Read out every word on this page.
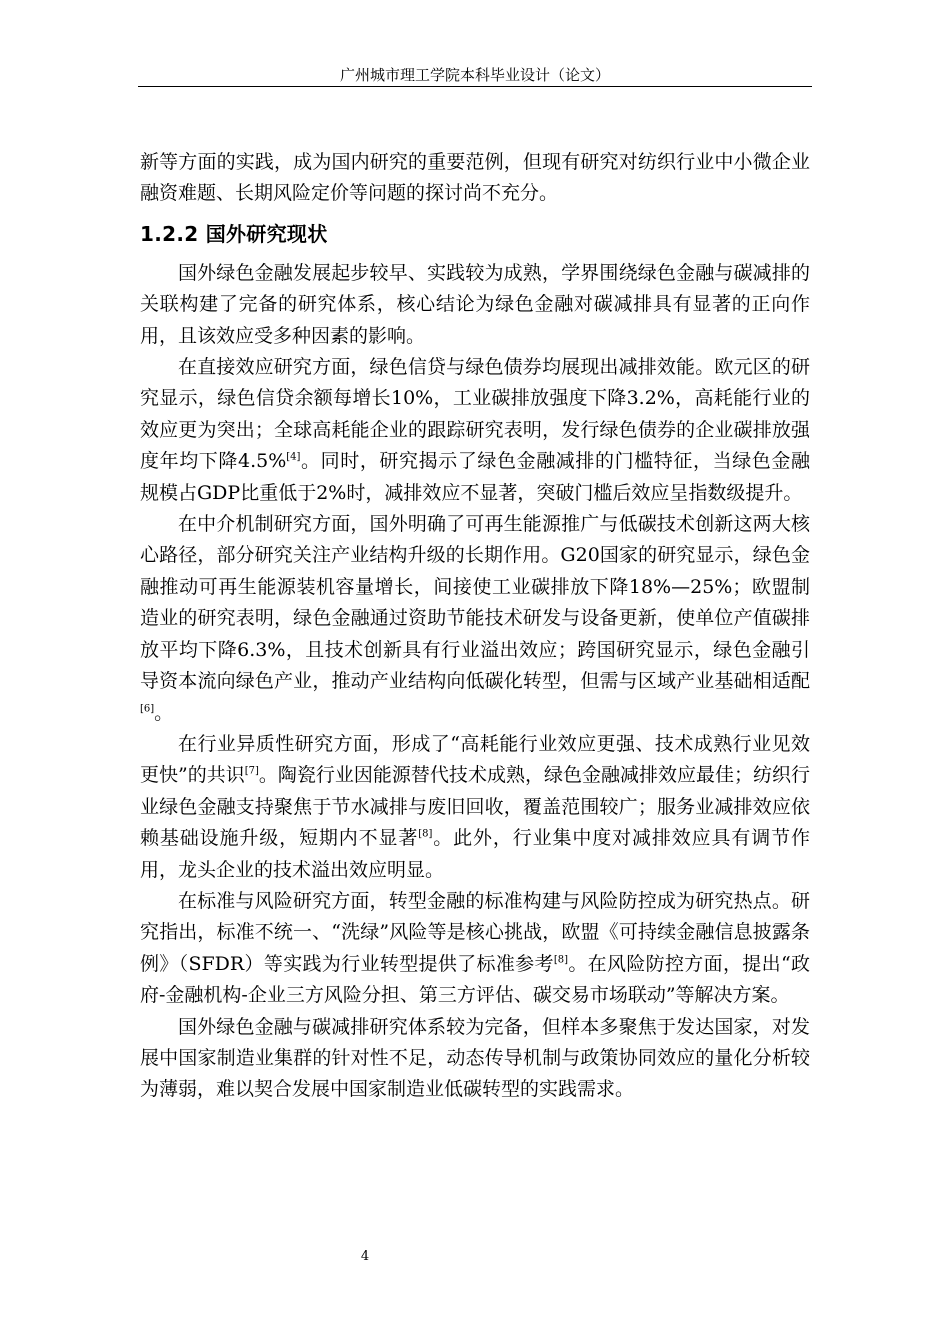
广州城市理工学院本科毕业设计（论文）

新等方面的实践，成为国内研究的重要范例，但现有研究对纺织行业中小微企业融资难题、长期风险定价等问题的探讨尚不充分。

1.2.2 国外研究现状

国外绿色金融发展起步较早、实践较为成熟，学界围绕绿色金融与碳减排的关联构建了完备的研究体系，核心结论为绿色金融对碳减排具有显著的正向作用，且该效应受多种因素的影响。

在直接效应研究方面，绿色信贷与绿色债券均展现出减排效能。欧元区的研究显示，绿色信贷余额每增长10%，工业碳排放强度下降3.2%，高耗能行业的效应更为突出；全球高耗能企业的跟踪研究表明，发行绿色债券的企业碳排放强度年均下降4.5%[4]。同时，研究揭示了绿色金融减排的门槛特征，当绿色金融规模占GDP比重低于2%时，减排效应不显著，突破门槛后效应呈指数级提升。

在中介机制研究方面，国外明确了可再生能源推广与低碳技术创新这两大核心路径，部分研究关注产业结构升级的长期作用。G20国家的研究显示，绿色金融推动可再生能源装机容量增长，间接使工业碳排放下降18%—25%；欧盟制造业的研究表明，绿色金融通过资助节能技术研发与设备更新，使单位产值碳排放平均下降6.3%，且技术创新具有行业溢出效应；跨国研究显示，绿色金融引导资本流向绿色产业，推动产业结构向低碳化转型，但需与区域产业基础相适配[6]。

在行业异质性研究方面，形成了“高耗能行业效应更强、技术成熟行业见效更快”的共识[7]。陶瓷行业因能源替代技术成熟，绿色金融减排效应最佳；纺织行业绿色金融支持聚焦于节水减排与废旧回收，覆盖范围较广；服务业减排效应依赖基础设施升级，短期内不显著[8]。此外，行业集中度对减排效应具有调节作用，龙头企业的技术溢出效应明显。

在标准与风险研究方面，转型金融的标准构建与风险防控成为研究热点。研究指出，标准不统一、“洗绿”风险等是核心挑战，欧盟《可持续金融信息披露条例》（SFDR）等实践为行业转型提供了标准参考[8]。在风险防控方面，提出“政府-金融机构-企业三方风险分担、第三方评估、碳交易市场联动”等解决方案。

国外绿色金融与碳减排研究体系较为完备，但样本多聚焦于发达国家，对发展中国家制造业集群的针对性不足，动态传导机制与政策协同效应的量化分析较为薄弱，难以契合发展中国家制造业低碳转型的实践需求。

4
